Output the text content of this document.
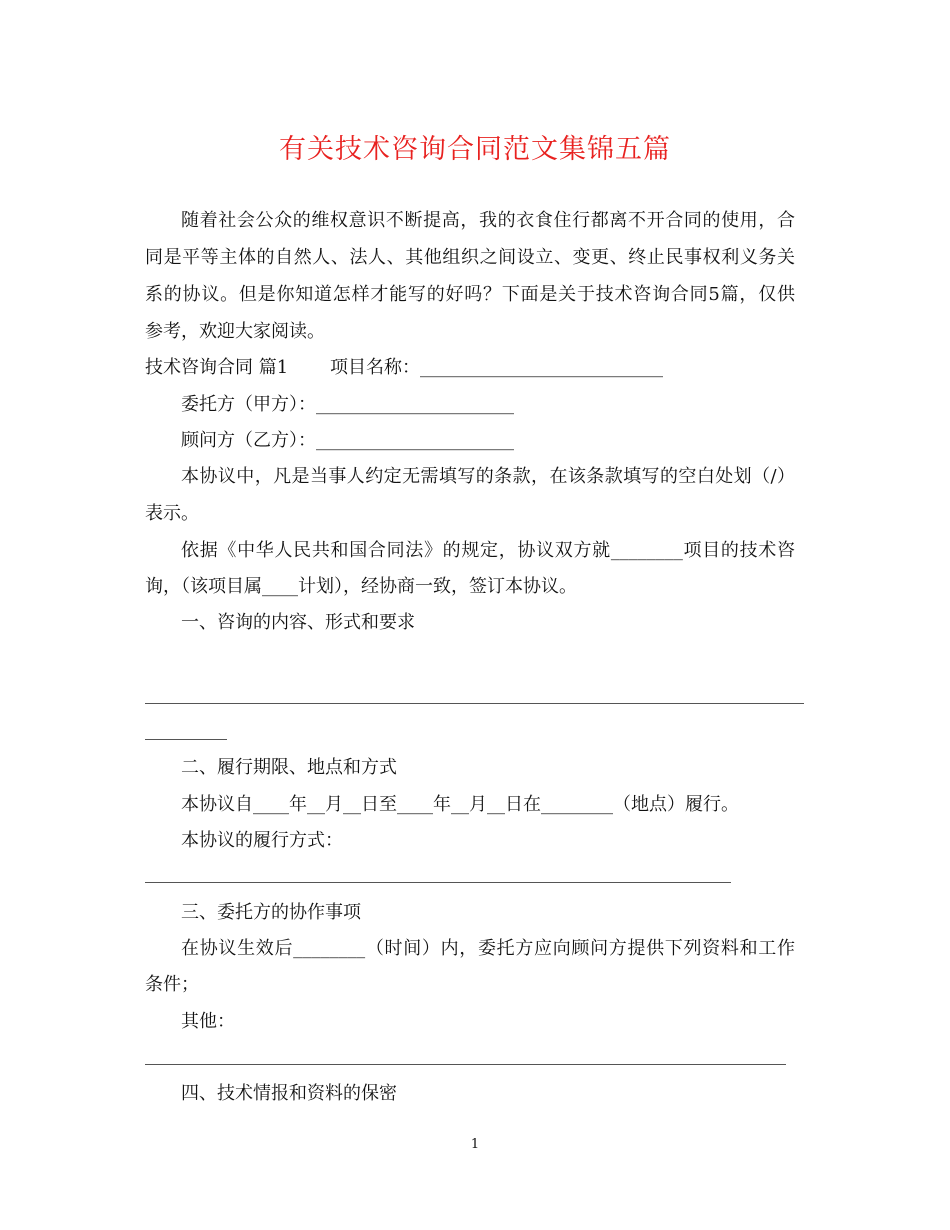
有关技术咨询合同范文集锦五篇
随着社会公众的维权意识不断提高，我的衣食住行都离不开合同的使用，合
同是平等主体的自然人、法人、其他组织之间设立、变更、终止民事权利义务关
系的协议。但是你知道怎样才能写的好吗？下面是关于技术咨询合同5篇，仅供
参考，欢迎大家阅读。
技术咨询合同 篇1 项目名称：___________________________
委托方（甲方）：______________________
顾问方（乙方）：______________________
本协议中，凡是当事人约定无需填写的条款，在该条款填写的空白处划（/）
表示。
依据《中华人民共和国合同法》的规定，协议双方就________项目的技术咨
询，（该项目属____计划），经协商一致，签订本协议。
一、咨询的内容、形式和要求
二、履行期限、地点和方式
本协议自____年__月__日至____年__月__日在________（地点）履行。
本协议的履行方式：
三、委托方的协作事项
在协议生效后________（时间）内，委托方应向顾问方提供下列资料和工作
条件；
其他：
四、技术情报和资料的保密
1
